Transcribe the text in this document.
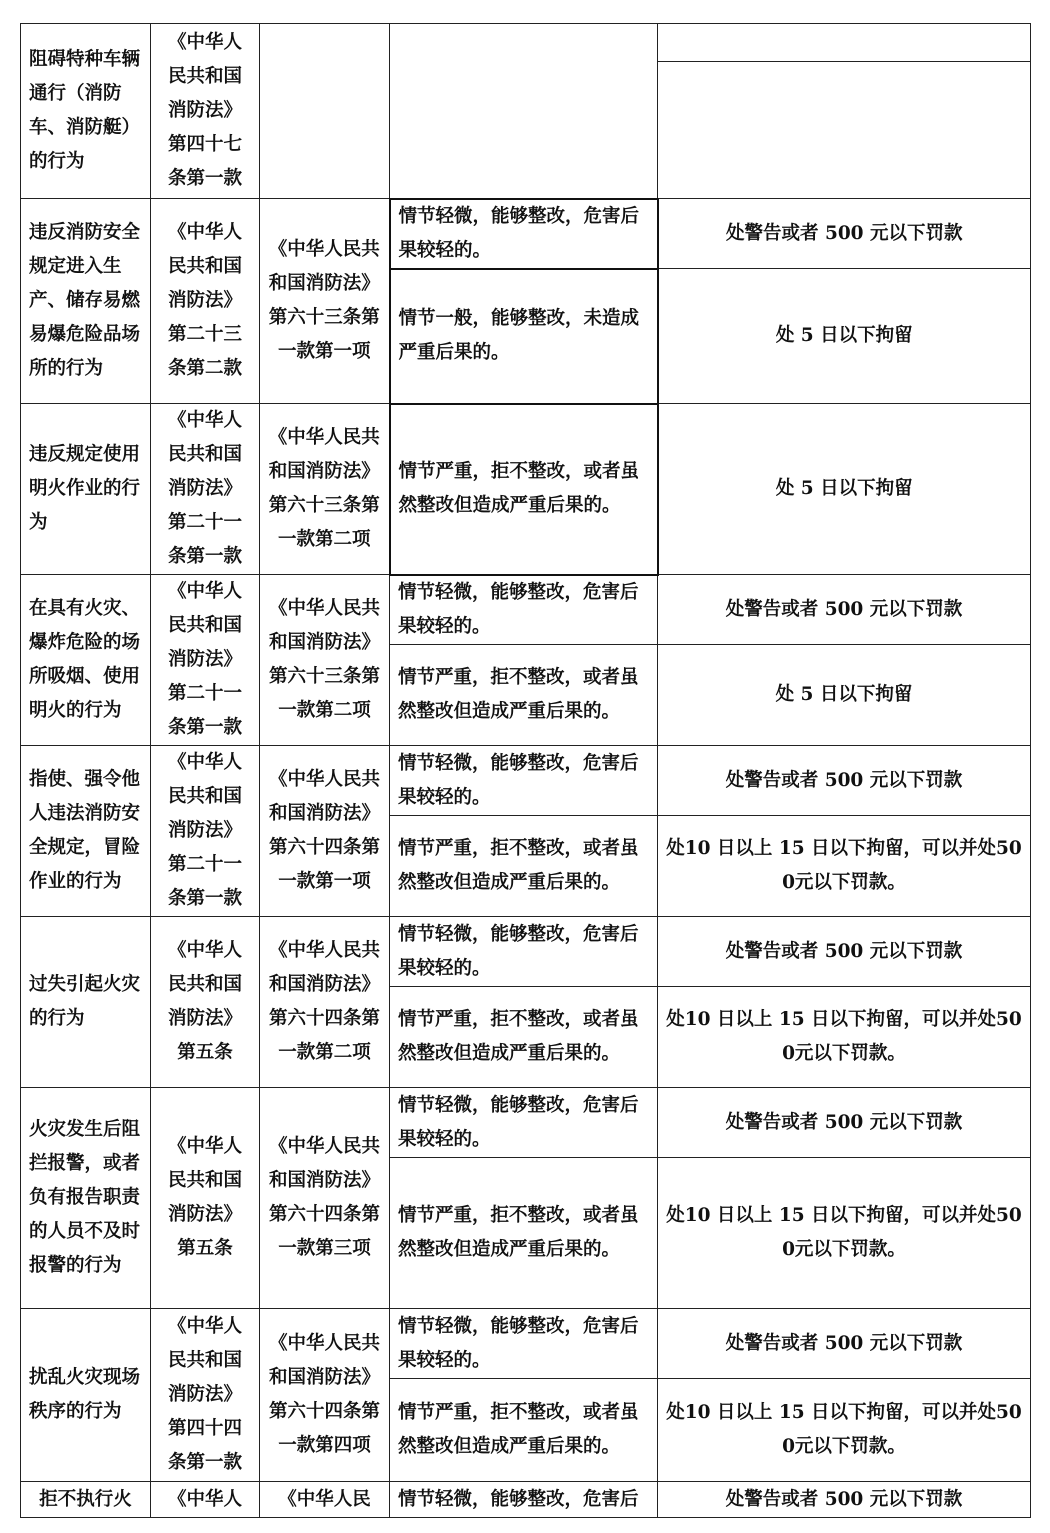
阻碍特种车辆通行（消防车、消防艇）的行为	《中华人民共和国消防法》第四十七条第一款			

违反消防安全规定进入生产、储存易燃易爆危险品场所的行为	《中华人民共和国消防法》第二十三条第二款	《中华人民共和国消防法》第六十三条第一款第一项	情节轻微，能够整改，危害后果较轻的。	处警告或者 500 元以下罚款
			情节一般，能够整改，未造成严重后果的。	处 5 日以下拘留
违反规定使用明火作业的行为	《中华人民共和国消防法》第二十一条第一款	《中华人民共和国消防法》第六十三条第一款第二项	情节严重，拒不整改，或者虽然整改但造成严重后果的。	处 5 日以下拘留
在具有火灾、爆炸危险的场所吸烟、使用明火的行为	《中华人民共和国消防法》第二十一条第一款	《中华人民共和国消防法》第六十三条第一款第二项	情节轻微，能够整改，危害后果较轻的。	处警告或者 500 元以下罚款
			情节严重，拒不整改，或者虽然整改但造成严重后果的。	处 5 日以下拘留
指使、强令他人违法消防安全规定，冒险作业的行为	《中华人民共和国消防法》第二十一条第一款	《中华人民共和国消防法》第六十四条第一款第一项	情节轻微，能够整改，危害后果较轻的。	处警告或者 500 元以下罚款
			情节严重，拒不整改，或者虽然整改但造成严重后果的。	处10 日以上 15 日以下拘留，可以并处500元以下罚款。
过失引起火灾的行为	《中华人民共和国消防法》第五条	《中华人民共和国消防法》第六十四条第一款第二项	情节轻微，能够整改，危害后果较轻的。	处警告或者 500 元以下罚款
			情节严重，拒不整改，或者虽然整改但造成严重后果的。	处10 日以上 15 日以下拘留，可以并处500元以下罚款。
火灾发生后阻拦报警，或者负有报告职责的人员不及时报警的行为	《中华人民共和国消防法》第五条	《中华人民共和国消防法》第六十四条第一款第三项	情节轻微，能够整改，危害后果较轻的。	处警告或者 500 元以下罚款
			情节严重，拒不整改，或者虽然整改但造成严重后果的。	处10 日以上 15 日以下拘留，可以并处500元以下罚款。
扰乱火灾现场秩序的行为	《中华人民共和国消防法》第四十四条第一款	《中华人民共和国消防法》第六十四条第一款第四项	情节轻微，能够整改，危害后果较轻的。	处警告或者 500 元以下罚款
			情节严重，拒不整改，或者虽然整改但造成严重后果的。	处10 日以上 15 日以下拘留，可以并处500元以下罚款。
拒不执行火	《中华人	《中华人民	情节轻微，能够整改，危害后	处警告或者 500 元以下罚款
